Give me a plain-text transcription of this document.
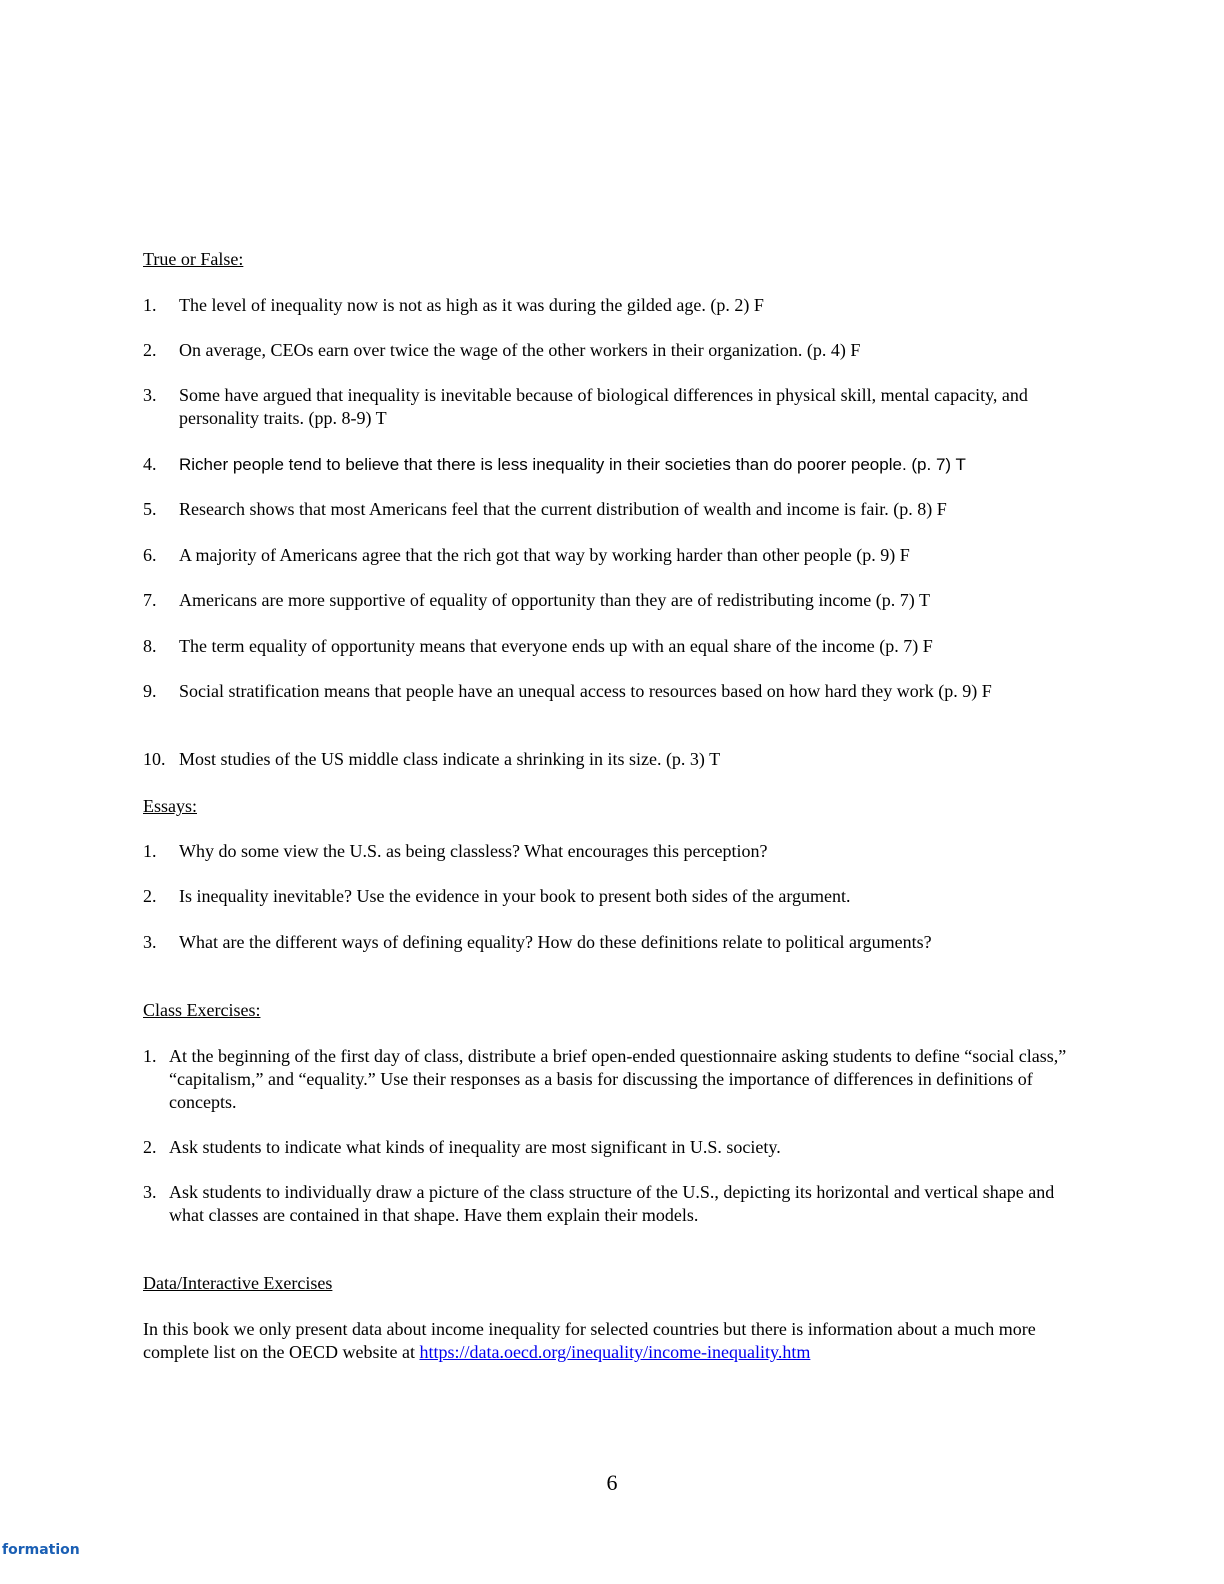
True or False:
1. The level of inequality now is not as high as it was during the gilded age. (p. 2) F
2. On average, CEOs earn over twice the wage of the other workers in their organization. (p. 4) F
3. Some have argued that inequality is inevitable because of biological differences in physical skill, mental capacity, and personality traits. (pp. 8-9) T
4. Richer people tend to believe that there is less inequality in their societies than do poorer people. (p. 7) T
5. Research shows that most Americans feel that the current distribution of wealth and income is fair. (p. 8) F
6. A majority of Americans agree that the rich got that way by working harder than other people (p. 9) F
7. Americans are more supportive of equality of opportunity than they are of redistributing income (p. 7) T
8. The term equality of opportunity means that everyone ends up with an equal share of the income (p. 7) F
9. Social stratification means that people have an unequal access to resources based on how hard they work (p. 9) F
10. Most studies of the US middle class indicate a shrinking in its size. (p. 3) T
Essays:
1. Why do some view the U.S. as being classless? What encourages this perception?
2. Is inequality inevitable? Use the evidence in your book to present both sides of the argument.
3. What are the different ways of defining equality? How do these definitions relate to political arguments?
Class Exercises:
1. At the beginning of the first day of class, distribute a brief open-ended questionnaire asking students to define “social class,” “capitalism,” and “equality.” Use their responses as a basis for discussing the importance of differences in definitions of concepts.
2. Ask students to indicate what kinds of inequality are most significant in U.S. society.
3. Ask students to individually draw a picture of the class structure of the U.S., depicting its horizontal and vertical shape and what classes are contained in that shape. Have them explain their models.
Data/Interactive Exercises

In this book we only present data about income inequality for selected countries but there is information about a much more complete list on the OECD website at https://data.oecd.org/inequality/income-inequality.htm

6
formation
